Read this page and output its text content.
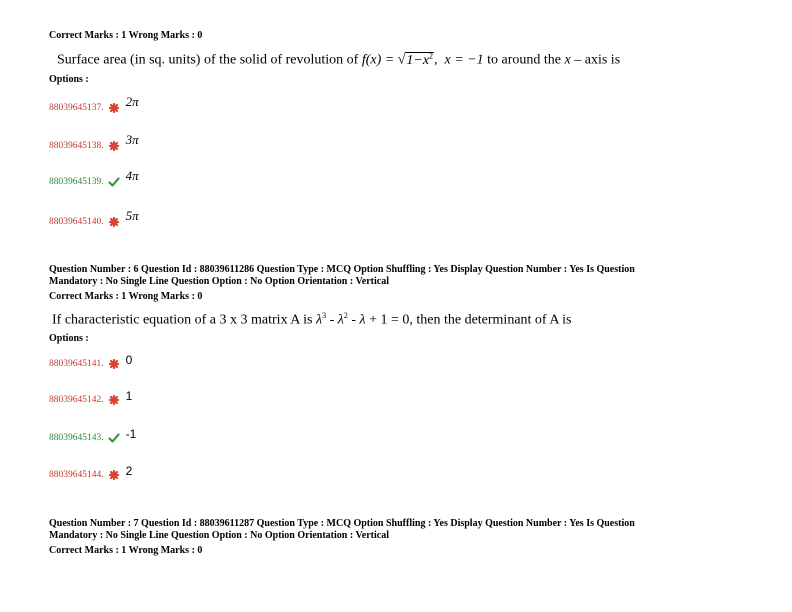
Correct Marks : 1 Wrong Marks : 0
Surface area (in sq. units) of the solid of revolution of $f(x) = √1-x^2$,  x = −1 to around the x – axis is
Options :
88039645137. 2π
88039645138. 3π
88039645139. 4π
88039645140. 5π
Question Number : 6 Question Id : 88039611286 Question Type : MCQ Option Shuffling : Yes Display Question Number : Yes Is Question
Mandatory : No Single Line Question Option : No Option Orientation : Vertical
Correct Marks : 1 Wrong Marks : 0
If characteristic equation of a 3 x 3 matrix A is $\lambda^3 - \lambda^2 - \lambda + 1 = 0$, then the determinant of A is
Options :
88039645141. 0
88039645142. 1
88039645143. -1
88039645144. 2
Question Number : 7 Question Id : 88039611287 Question Type : MCQ Option Shuffling : Yes Display Question Number : Yes Is Question
Mandatory : No Single Line Question Option : No Option Orientation : Vertical
Correct Marks : 1 Wrong Marks : 0
